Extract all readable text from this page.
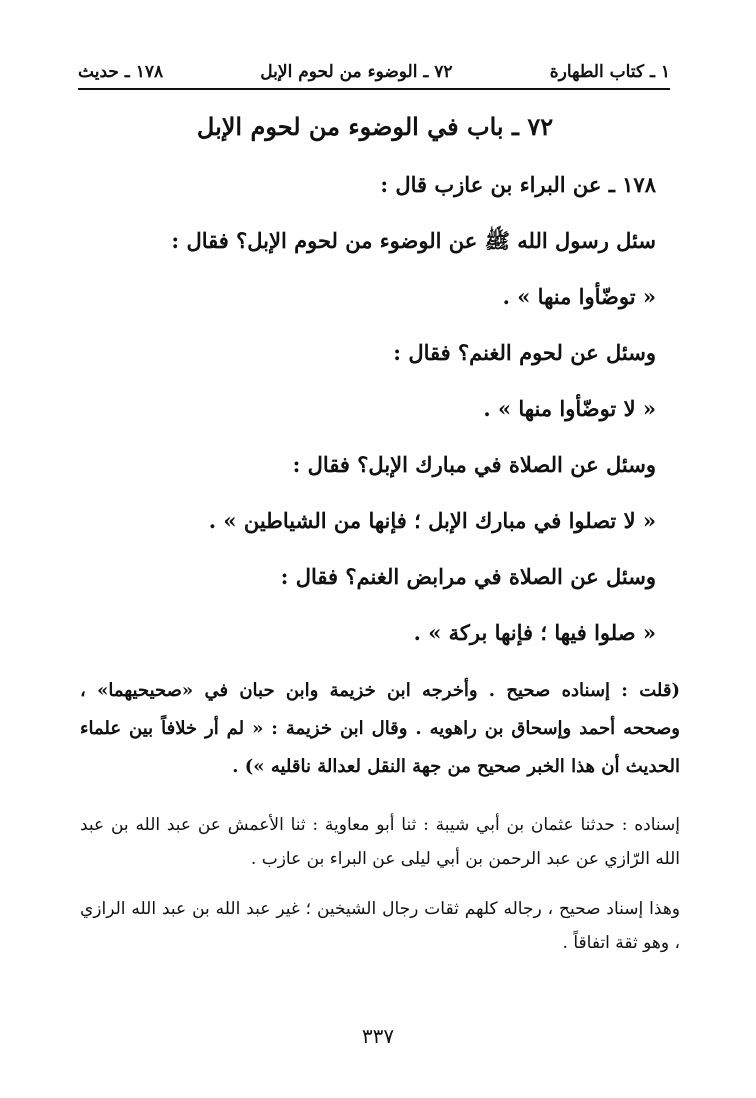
١ ـ كتاب الطهارة
٧٢ ـ الوضوء من لحوم الإبل
١٧٨ ـ حديث
٧٢ ـ باب في الوضوء من لحوم الإبل
١٧٨ ـ عن البراء بن عازب قال :
سئل رسول الله ﷺ عن الوضوء من لحوم الإبل؟ فقال :
« توضّأوا منها » .
وسئل عن لحوم الغنم؟ فقال :
« لا توضّأوا منها » .
وسئل عن الصلاة في مبارك الإبل؟ فقال :
« لا تصلوا في مبارك الإبل ؛ فإنها من الشياطين » .
وسئل عن الصلاة في مرابض الغنم؟ فقال :
« صلوا فيها ؛ فإنها بركة » .
(قلت : إسناده صحيح . وأخرجه ابن خزيمة وابن حبان في «صحيحيهما» ، وصححه أحمد وإسحاق بن راهويه . وقال ابن خزيمة : « لم أر خلافاً بين علماء الحديث أن هذا الخبر صحيح من جهة النقل لعدالة ناقليه ») .
إسناده : حدثنا عثمان بن أبي شيبة : ثنا أبو معاوية : ثنا الأعمش عن عبد الله بن عبد الله الرّازي عن عبد الرحمن بن أبي ليلى عن البراء بن عازب .
وهذا إسناد صحيح ، رجاله كلهم ثقات رجال الشيخين ؛ غير عبد الله بن عبد الله الرازي ، وهو ثقة اتفاقاً .
٣٣٧
